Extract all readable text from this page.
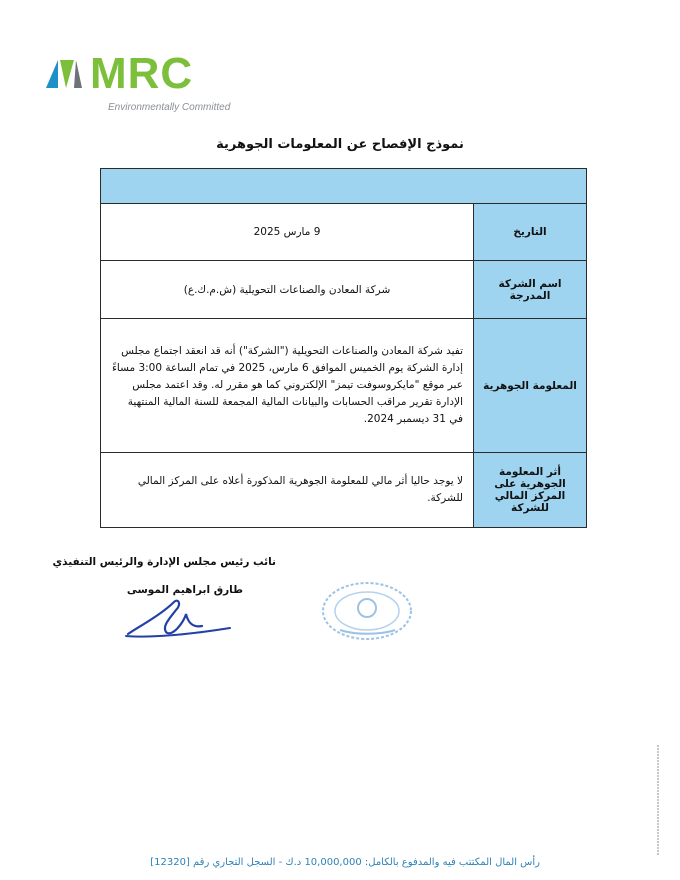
MRC
Environmentally Committed
نموذج الإفصاح عن المعلومات الجوهرية

التاريخ	9 مارس 2025
اسم الشركة المدرجة	شركة المعادن والصناعات التحويلية (ش.م.ك.ع)
المعلومة الجوهرية	تفيد شركة المعادن والصناعات التحويلية ("الشركة") أنه قد انعقد اجتماع مجلس إدارة الشركة يوم الخميس الموافق 6 مارس، 2025 في تمام الساعة 3:00 مساءً عبر موقع "مايكروسوفت تيمز" الإلكتروني كما هو مقرر له. وقد اعتمد مجلس الإدارة تقرير مراقب الحسابات والبيانات المالية المجمعة للسنة المالية المنتهية في 31 ديسمبر 2024.
أثر المعلومة الجوهرية على المركز المالي للشركة	لا يوجد حاليا أثر مالي للمعلومة الجوهرية المذكورة أعلاه على المركز المالي للشركة.
نائب رئيس مجلس الإدارة والرئيس التنفيذي
طارق ابراهيم الموسى
رأس المال المكتتب فيه والمدفوع بالكامل: 10,000,000 د.ك - السجل التجاري رقم [12320]
